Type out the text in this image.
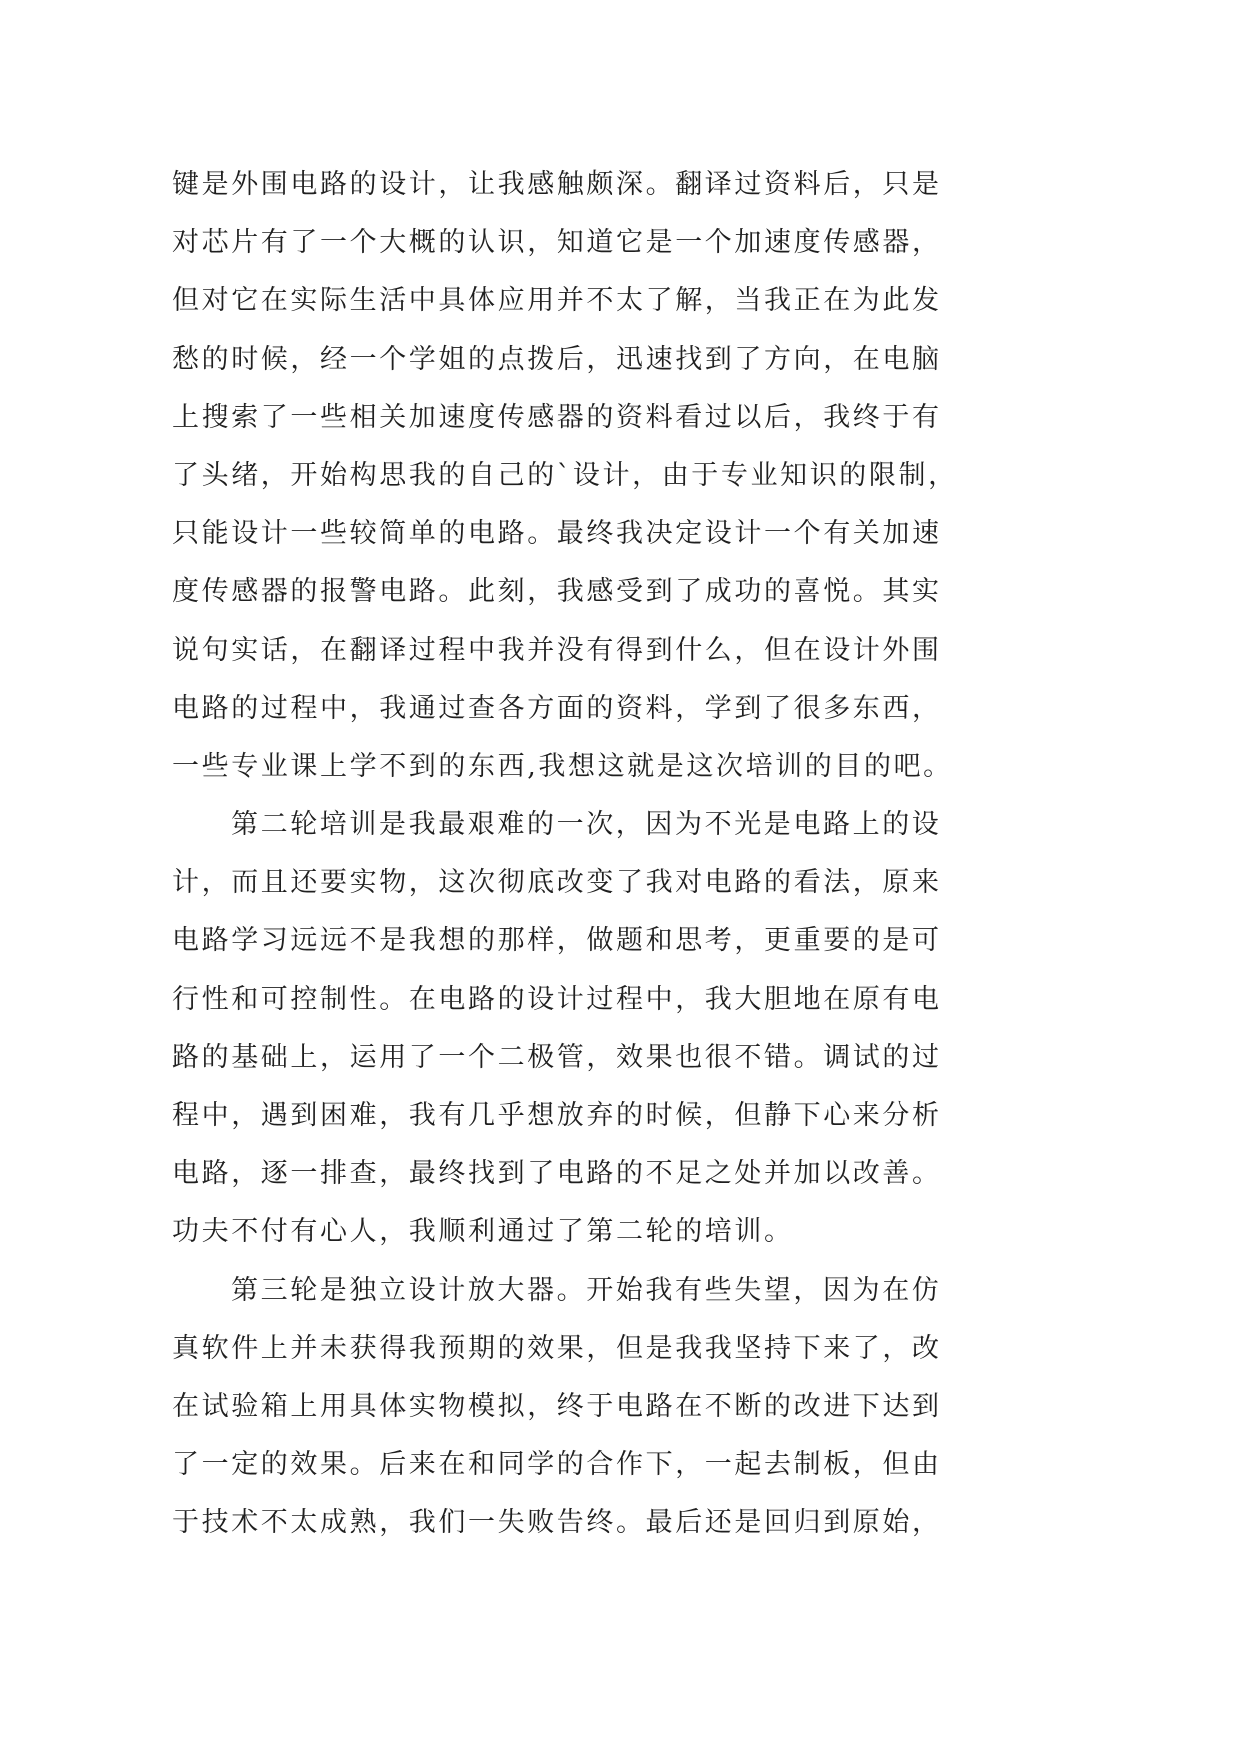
键是外围电路的设计，让我感触颇深。翻译过资料后，只是
对芯片有了一个大概的认识，知道它是一个加速度传感器，
但对它在实际生活中具体应用并不太了解，当我正在为此发
愁的时候，经一个学姐的点拨后，迅速找到了方向，在电脑
上搜索了一些相关加速度传感器的资料看过以后，我终于有
了头绪，开始构思我的自己的`设计，由于专业知识的限制，
只能设计一些较简单的电路。最终我决定设计一个有关加速
度传感器的报警电路。此刻，我感受到了成功的喜悦。其实
说句实话，在翻译过程中我并没有得到什么，但在设计外围
电路的过程中，我通过查各方面的资料，学到了很多东西，
一些专业课上学不到的东西,我想这就是这次培训的目的吧。
第二轮培训是我最艰难的一次，因为不光是电路上的设
计，而且还要实物，这次彻底改变了我对电路的看法，原来
电路学习远远不是我想的那样，做题和思考，更重要的是可
行性和可控制性。在电路的设计过程中，我大胆地在原有电
路的基础上，运用了一个二极管，效果也很不错。调试的过
程中，遇到困难，我有几乎想放弃的时候，但静下心来分析
电路，逐一排查，最终找到了电路的不足之处并加以改善。
功夫不付有心人，我顺利通过了第二轮的培训。
第三轮是独立设计放大器。开始我有些失望，因为在仿
真软件上并未获得我预期的效果，但是我我坚持下来了，改
在试验箱上用具体实物模拟，终于电路在不断的改进下达到
了一定的效果。后来在和同学的合作下，一起去制板，但由
于技术不太成熟，我们一失败告终。最后还是回归到原始，
